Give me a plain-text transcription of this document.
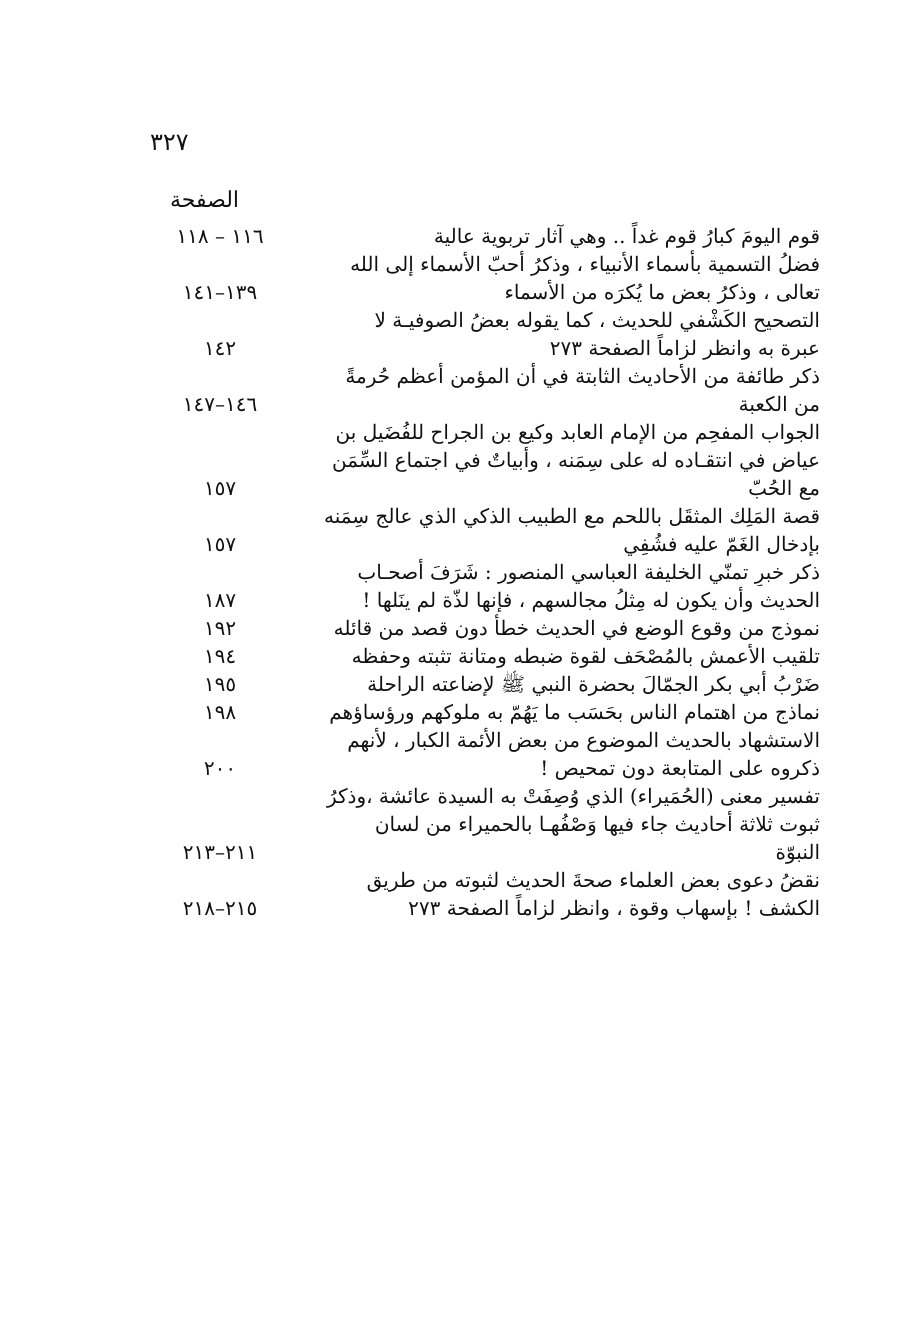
٣٢٧
الصفحة
قوم اليومَ كبارُ قوم غداً .. وهي آثار تربوية عالية
١١٦ – ١١٨
فضلُ التسمية بأسماء الأنبياء ، وذكرُ أحبّ الأسماء إلى الله
تعالى ، وذكرُ بعض ما يُكرَه من الأسماء
١٣٩–١٤١
التصحيح الكَشْفي للحديث ، كما يقوله بعضُ الصوفيـة لا
عبرة به وانظر لزاماً الصفحة ٢٧٣
١٤٢
ذكر طائفة من الأحاديث الثابتة في أن المؤمن أعظم حُرمةً
من الكعبة
١٤٦–١٤٧
الجواب المفحِم من الإمام العابد وكيع بن الجراح للفُضَيل بن
عياض في انتقـاده له على سِمَنه ، وأبياتٌ في اجتماع السِّمَن
مع الحُبّ
١٥٧
قصة المَلِك المثقَل باللحم مع الطبيب الذكي الذي عالج سِمَنه
بإدخال الغَمّ عليه فشُفِي
١٥٧
ذكر خبرِ تمنّي الخليفة العباسي المنصور : شَرَفَ أصحـاب
الحديث وأن يكون له مِثلُ مجالسهم ، فإنها لذّة لم ينَلها !
١٨٧
نموذج من وقوع الوضع في الحديث خطأ دون قصد من قائله
١٩٢
تلقيب الأعمش بالمُصْحَف لقوة ضبطه ومتانة تثبته وحفظه
١٩٤
ضَرْبُ أبي بكر الجمّالَ بحضرة النبي ﷺ لإضاعته الراحلة
١٩٥
نماذج من اهتمام الناس بحَسَب ما يَهُمّ به ملوكهم ورؤساؤهم
١٩٨
الاستشهاد بالحديث الموضوع من بعض الأئمة الكبار ، لأنهم
ذكروه على المتابعة دون تمحيص !
٢٠٠
تفسير معنى (الحُمَيراء) الذي وُصِفَتْ به السيدة عائشة ،وذكرُ
ثبوت ثلاثة أحاديث جاء فيها وَصْفُهـا بالحميراء من لسان
النبوّة
٢١١–٢١٣
نقضُ دعوى بعض العلماء صحةَ الحديث لثبوته من طريق
الكشف ! بإسهاب وقوة ، وانظر لزاماً الصفحة ٢٧٣
٢١٥–٢١٨
